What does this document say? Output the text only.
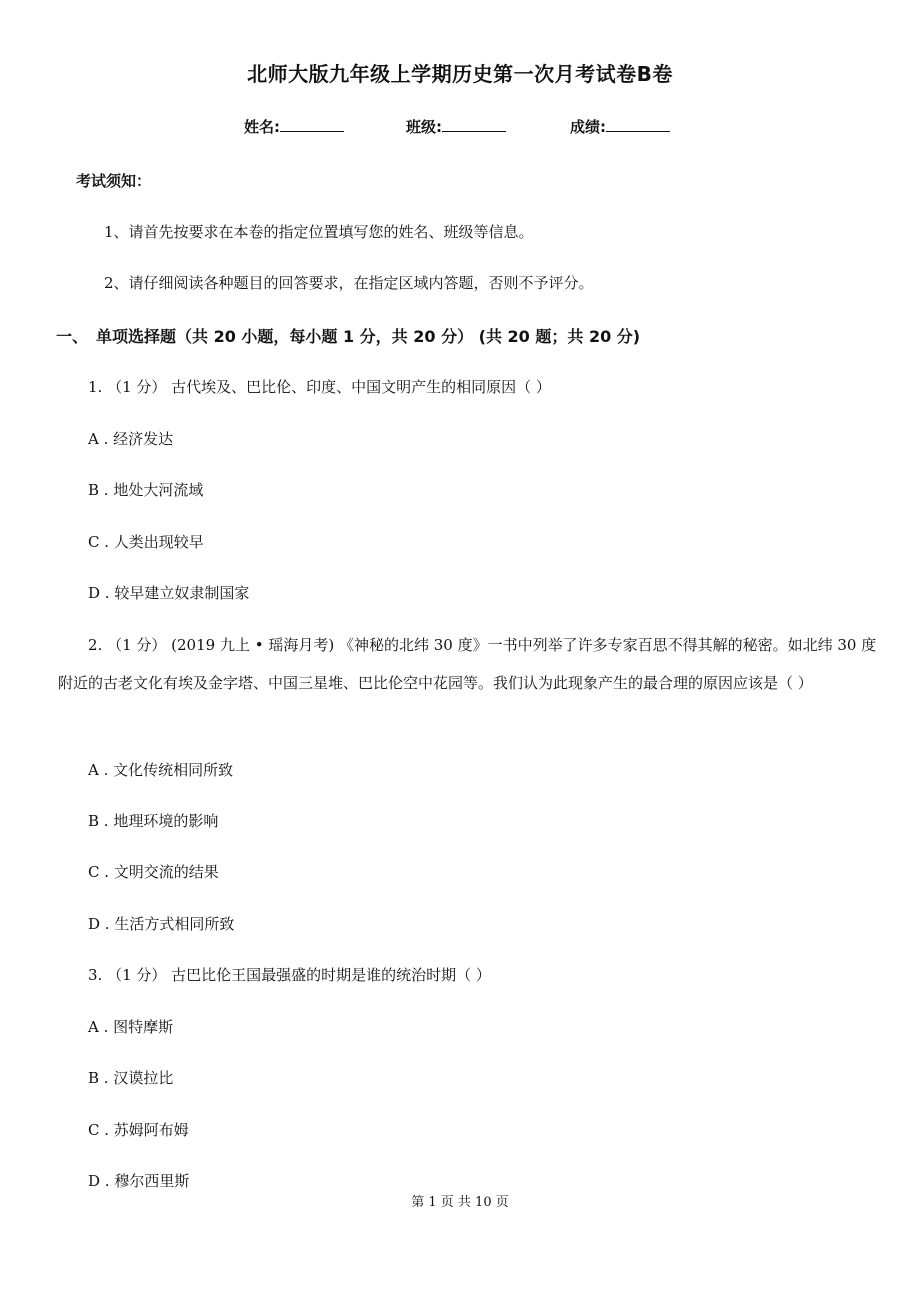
北师大版九年级上学期历史第一次月考试卷B卷
姓名:	班级:	成绩:
考试须知：
1、请首先按要求在本卷的指定位置填写您的姓名、班级等信息。
2、请仔细阅读各种题目的回答要求，在指定区域内答题，否则不予评分。
一、 单项选择题（共 20 小题，每小题 1 分，共 20 分） (共 20 题；共 20 分)
1. （1 分） 古代埃及、巴比伦、印度、中国文明产生的相同原因（ ）
A . 经济发达
B . 地处大河流域
C . 人类出现较早
D . 较早建立奴隶制国家
2. （1 分） (2019 九上 • 瑶海月考) 《神秘的北纬 30 度》一书中列举了许多专家百思不得其解的秘密。如北纬 30 度附近的古老文化有埃及金字塔、中国三星堆、巴比伦空中花园等。我们认为此现象产生的最合理的原因应该是（ ）
A . 文化传统相同所致
B . 地理环境的影响
C . 文明交流的结果
D . 生活方式相同所致
3. （1 分） 古巴比伦王国最强盛的时期是谁的统治时期（ ）
A . 图特摩斯
B . 汉谟拉比
C . 苏姆阿布姆
D . 穆尔西里斯
第 1 页 共 10 页
